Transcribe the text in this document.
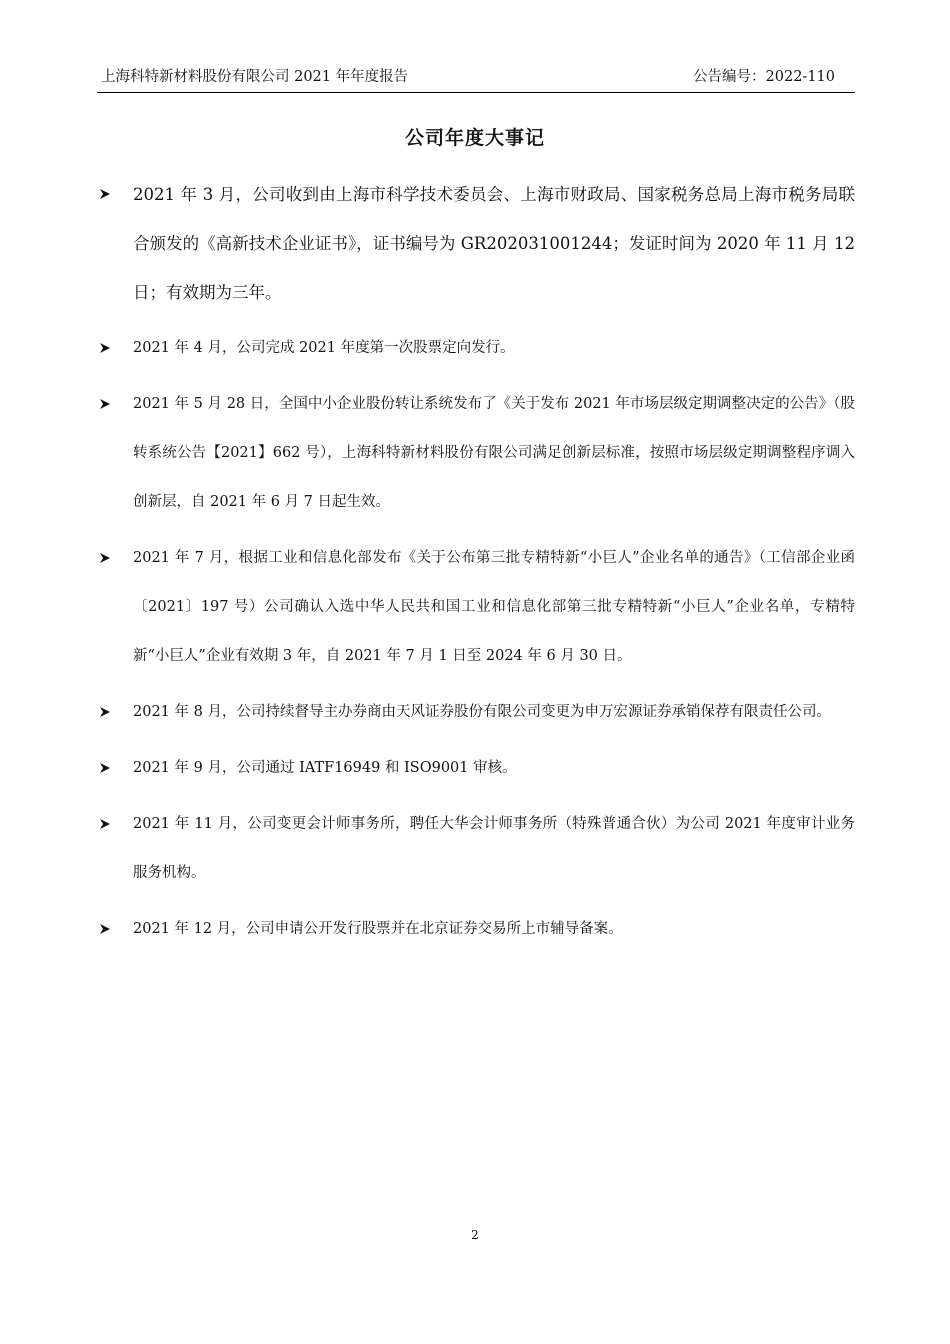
上海科特新材料股份有限公司 2021 年年度报告	公告编号：2022-110
公司年度大事记
2021 年 3 月，公司收到由上海市科学技术委员会、上海市财政局、国家税务总局上海市税务局联合颁发的《高新技术企业证书》，证书编号为 GR202031001244；发证时间为 2020 年 11 月 12 日；有效期为三年。
2021 年 4 月，公司完成 2021 年度第一次股票定向发行。
2021 年 5 月 28 日，全国中小企业股份转让系统发布了《关于发布 2021 年市场层级定期调整决定的公告》（股转系统公告【2021】662 号），上海科特新材料股份有限公司满足创新层标准，按照市场层级定期调整程序调入创新层，自 2021 年 6 月 7 日起生效。
2021 年 7 月，根据工业和信息化部发布《关于公布第三批专精特新“小巨人”企业名单的通告》（工信部企业函〔2021〕197 号）公司确认入选中华人民共和国工业和信息化部第三批专精特新“小巨人”企业名单，专精特新“小巨人”企业有效期 3 年，自 2021 年 7 月 1 日至 2024 年 6 月 30 日。
2021 年 8 月，公司持续督导主办券商由天风证券股份有限公司变更为申万宏源证券承销保荐有限责任公司。
2021 年 9 月，公司通过 IATF16949 和 ISO9001 审核。
2021 年 11 月，公司变更会计师事务所，聘任大华会计师事务所（特殊普通合伙）为公司 2021 年度审计业务服务机构。
2021 年 12 月，公司申请公开发行股票并在北京证券交易所上市辅导备案。
2
